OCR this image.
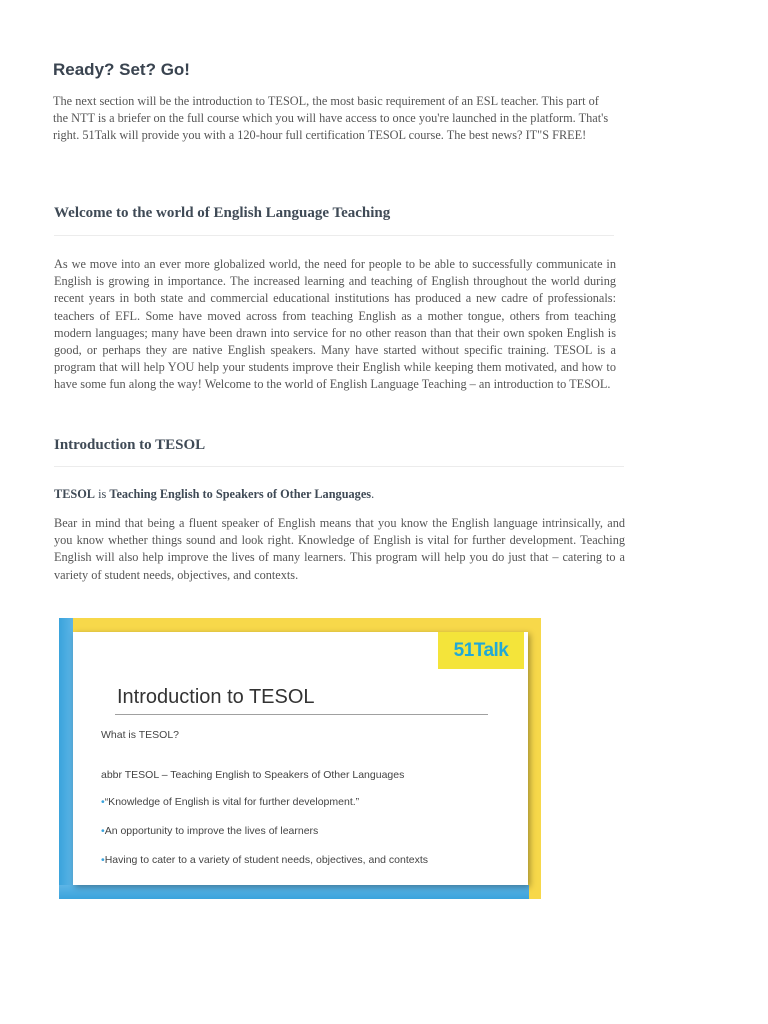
Ready? Set? Go!

The next section will be the introduction to TESOL, the most basic requirement of an ESL teacher. This part of the NTT is a briefer on the full course which you will have access to once you're launched in the platform. That's right. 51Talk will provide you with a 120-hour full certification TESOL course. The best news? IT"S FREE!

Welcome to the world of English Language Teaching

As we move into an ever more globalized world, the need for people to be able to successfully communicate in English is growing in importance. The increased learning and teaching of English throughout the world during recent years in both state and commercial educational institutions has produced a new cadre of professionals: teachers of EFL. Some have moved across from teaching English as a mother tongue, others from teaching modern languages; many have been drawn into service for no other reason than that their own spoken English is good, or perhaps they are native English speakers. Many have started without specific training. TESOL is a program that will help YOU help your students improve their English while keeping them motivated, and how to have some fun along the way! Welcome to the world of English Language Teaching – an introduction to TESOL.

Introduction to TESOL

TESOL is Teaching English to Speakers of Other Languages.

Bear in mind that being a fluent speaker of English means that you know the English language intrinsically, and you know whether things sound and look right. Knowledge of English is vital for further development. Teaching English will also help improve the lives of many learners. This program will help you do just that – catering to a variety of student needs, objectives, and contexts.

51Talk
Introduction to TESOL

What is TESOL?

abbr TESOL – Teaching English to Speakers of Other Languages

•“Knowledge of English is vital for further development.”

•An opportunity to improve the lives of learners

•Having to cater to a variety of student needs, objectives, and contexts
